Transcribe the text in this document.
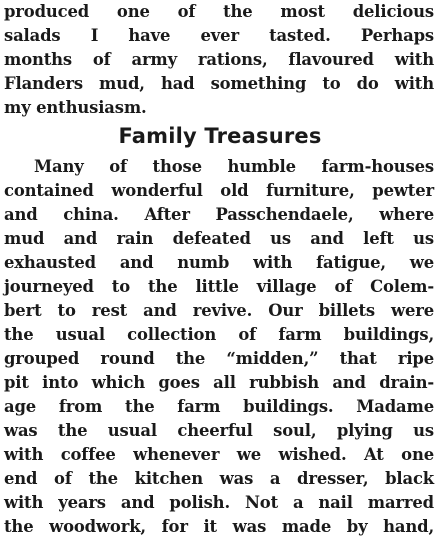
produced one of the most delicious
salads I have ever tasted. Perhaps
months of army rations, flavoured with
Flanders mud, had something to do with
my enthusiasm.
Family Treasures
Many of those humble farm-houses
contained wonderful old furniture, pewter
and china. After Passchendaele, where
mud and rain defeated us and left us
exhausted and numb with fatigue, we
journeyed to the little village of Colem-
bert to rest and revive. Our billets were
the usual collection of farm buildings,
grouped round the “midden,” that ripe
pit into which goes all rubbish and drain-
age from the farm buildings. Madame
was the usual cheerful soul, plying us
with coffee whenever we wished. At one
end of the kitchen was a dresser, black
with years and polish. Not a nail marred
the woodwork, for it was made by hand,
